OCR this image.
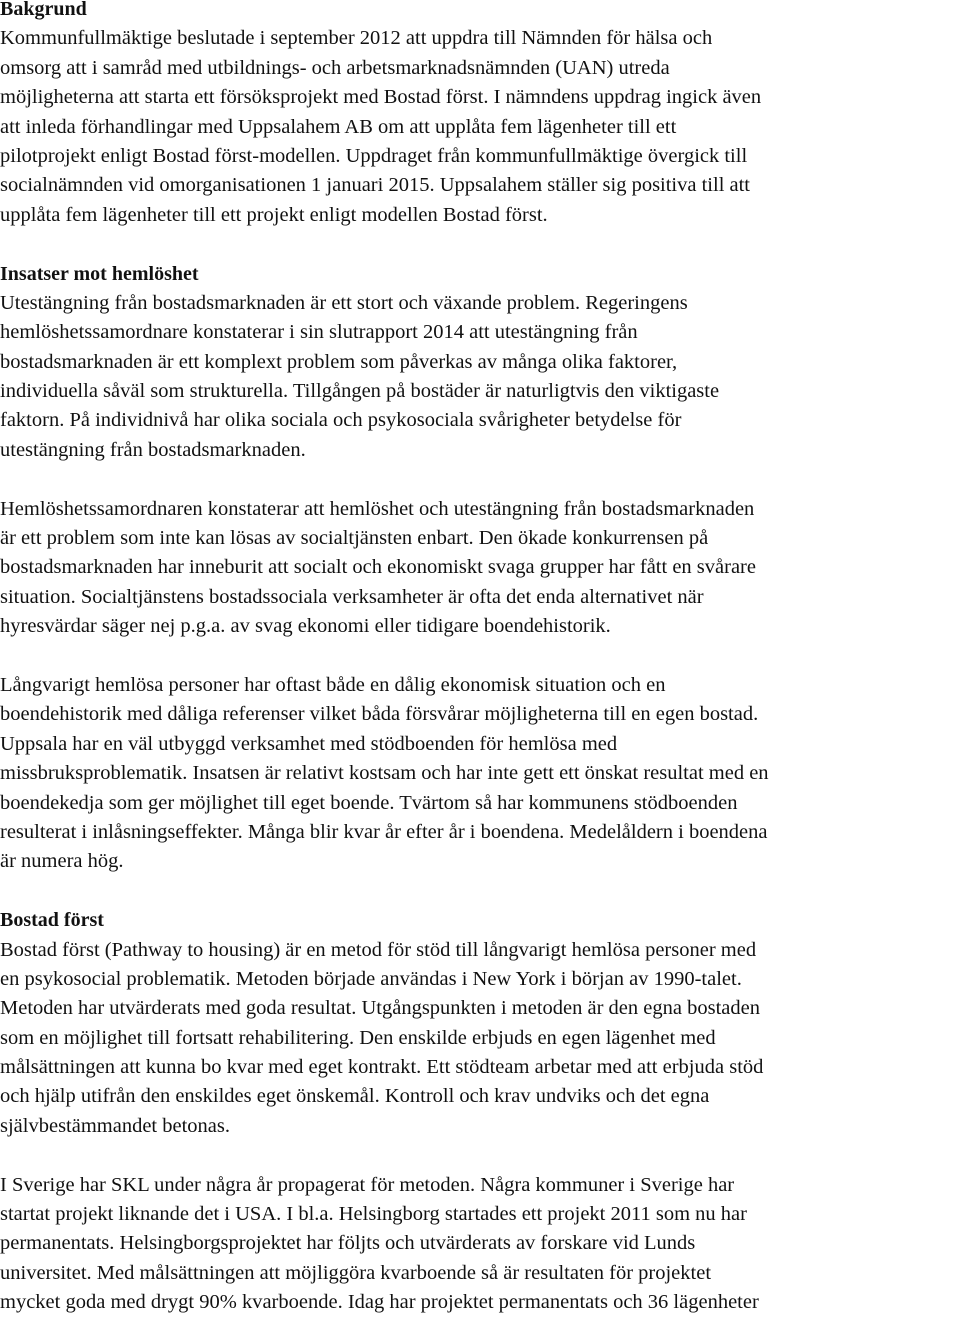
Bakgrund
Kommunfullmäktige beslutade i september 2012 att uppdra till Nämnden för hälsa och
omsorg att i samråd med utbildnings- och arbetsmarknadsnämnden (UAN) utreda
möjligheterna att starta ett försöksprojekt med Bostad först. I nämndens uppdrag ingick även
att inleda förhandlingar med Uppsalahem AB om att upplåta fem lägenheter till ett
pilotprojekt enligt Bostad först-modellen. Uppdraget från kommunfullmäktige övergick till
socialnämnden vid omorganisationen 1 januari 2015. Uppsalahem ställer sig positiva till att
upplåta fem lägenheter till ett projekt enligt modellen Bostad först.
Insatser mot hemlöshet
Utestängning från bostadsmarknaden är ett stort och växande problem. Regeringens
hemlöshetssamordnare konstaterar i sin slutrapport 2014 att utestängning från
bostadsmarknaden är ett komplext problem som påverkas av många olika faktorer,
individuella såväl som strukturella. Tillgången på bostäder är naturligtvis den viktigaste
faktorn. På individnivå har olika sociala och psykosociala svårigheter betydelse för
utestängning från bostadsmarknaden.
Hemlöshetssamordnaren konstaterar att hemlöshet och utestängning från bostadsmarknaden
är ett problem som inte kan lösas av socialtjänsten enbart. Den ökade konkurrensen på
bostadsmarknaden har inneburit att socialt och ekonomiskt svaga grupper har fått en svårare
situation. Socialtjänstens bostadssociala verksamheter är ofta det enda alternativet när
hyresvärdar säger nej p.g.a. av svag ekonomi eller tidigare boendehistorik.
Långvarigt hemlösa personer har oftast både en dålig ekonomisk situation och en
boendehistorik med dåliga referenser vilket båda försvårar möjligheterna till en egen bostad.
Uppsala har en väl utbyggd verksamhet med stödboenden för hemlösa med
missbruksproblematik. Insatsen är relativt kostsam och har inte gett ett önskat resultat med en
boendekedja som ger möjlighet till eget boende. Tvärtom så har kommunens stödboenden
resulterat i inlåsningseffekter. Många blir kvar år efter år i boendena. Medelåldern i boendena
är numera hög.
Bostad först
Bostad först (Pathway to housing) är en metod för stöd till långvarigt hemlösa personer med
en psykosocial problematik. Metoden började användas i New York i början av 1990-talet.
Metoden har utvärderats med goda resultat. Utgångspunkten i metoden är den egna bostaden
som en möjlighet till fortsatt rehabilitering. Den enskilde erbjuds en egen lägenhet med
målsättningen att kunna bo kvar med eget kontrakt. Ett stödteam arbetar med att erbjuda stöd
och hjälp utifrån den enskildes eget önskemål. Kontroll och krav undviks och det egna
självbestämmandet betonas.
I Sverige har SKL under några år propagerat för metoden. Några kommuner i Sverige har
startat projekt liknande det i USA. I bl.a. Helsingborg startades ett projekt 2011 som nu har
permanentats. Helsingborgsprojektet har följts och utvärderats av forskare vid Lunds
universitet. Med målsättningen att möjliggöra kvarboende så är resultaten för projektet
mycket goda med drygt 90% kvarboende. Idag har projektet permanentats och 36 lägenheter
